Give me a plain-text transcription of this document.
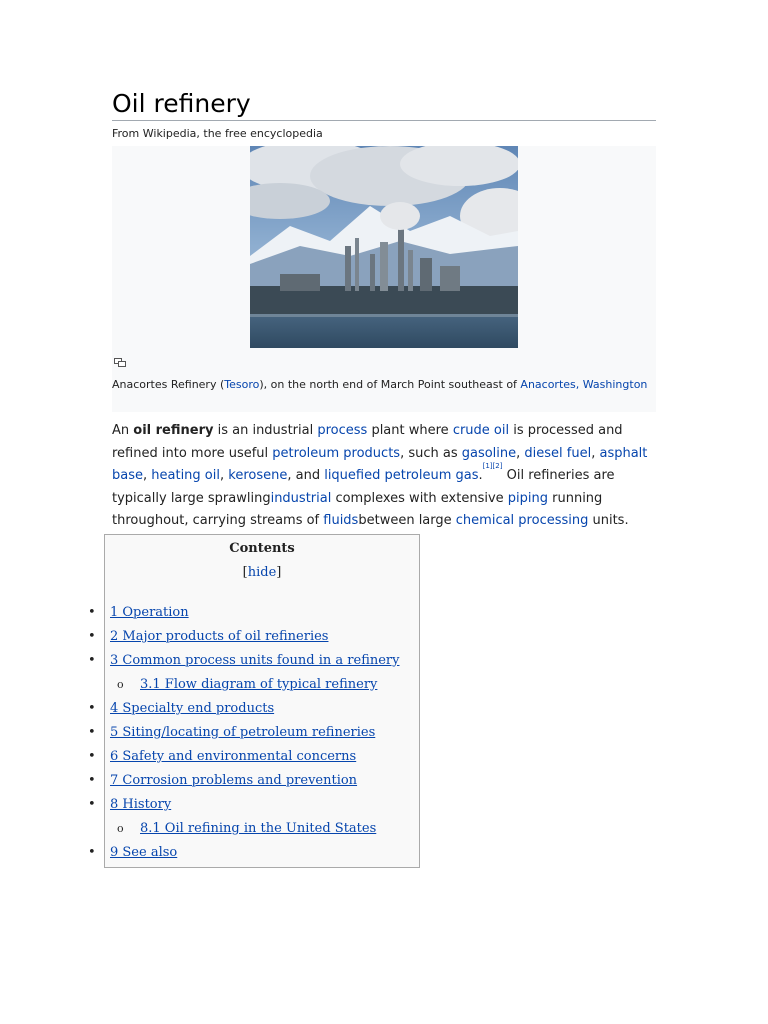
Oil refinery
From Wikipedia, the free encyclopedia
Anacortes Refinery (Tesoro), on the north end of March Point southeast of Anacortes, Washington
An oil refinery is an industrial process plant where crude oil is processed and refined into more useful petroleum products, such as gasoline, diesel fuel, asphalt base, heating oil, kerosene, and liquefied petroleum gas.[1][2] Oil refineries are typically large sprawlingindustrial complexes with extensive piping running throughout, carrying streams of fluidsbetween large chemical processing units.
Contents
[hide]
• 1 Operation
• 2 Major products of oil refineries
• 3 Common process units found in a refinery
o 3.1 Flow diagram of typical refinery
• 4 Specialty end products
• 5 Siting/locating of petroleum refineries
• 6 Safety and environmental concerns
• 7 Corrosion problems and prevention
• 8 History
o 8.1 Oil refining in the United States
• 9 See also
